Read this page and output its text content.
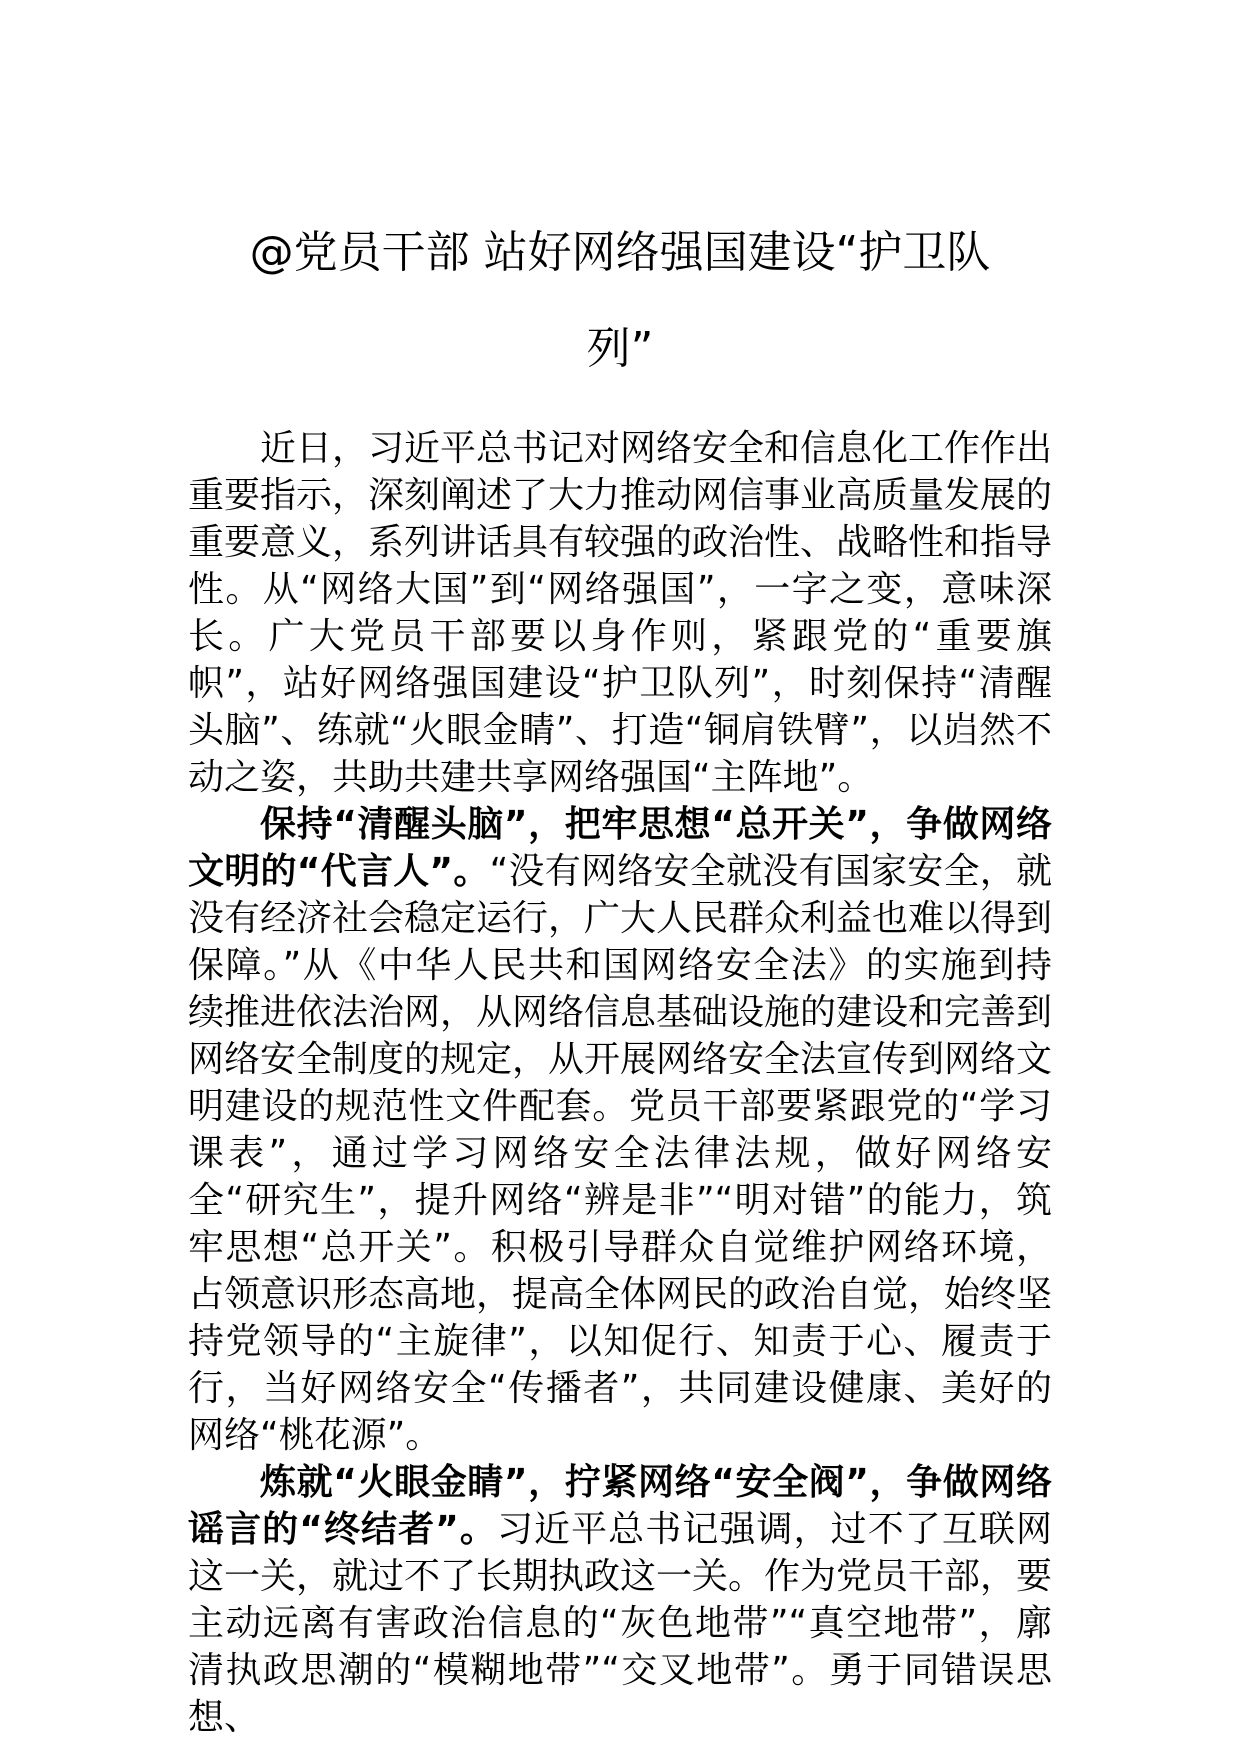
@党员干部 站好网络强国建设“护卫队
列”

近日，习近平总书记对网络安全和信息化工作作出重要指示，深刻阐述了大力推动网信事业高质量发展的重要意义，系列讲话具有较强的政治性、战略性和指导性。从“网络大国”到“网络强国”，一字之变，意味深长。广大党员干部要以身作则，紧跟党的“重要旗帜”，站好网络强国建设“护卫队列”，时刻保持“清醒头脑”、练就“火眼金睛”、打造“铜肩铁臂”，以岿然不动之姿，共助共建共享网络强国“主阵地”。

保持“清醒头脑”，把牢思想“总开关”，争做网络文明的“代言人”。“没有网络安全就没有国家安全，就没有经济社会稳定运行，广大人民群众利益也难以得到保障。”从《中华人民共和国网络安全法》的实施到持续推进依法治网，从网络信息基础设施的建设和完善到网络安全制度的规定，从开展网络安全法宣传到网络文明建设的规范性文件配套。党员干部要紧跟党的“学习课表”，通过学习网络安全法律法规，做好网络安全“研究生”，提升网络“辨是非”“明对错”的能力，筑牢思想“总开关”。积极引导群众自觉维护网络环境，占领意识形态高地，提高全体网民的政治自觉，始终坚持党领导的“主旋律”，以知促行、知责于心、履责于行，当好网络安全“传播者”，共同建设健康、美好的网络“桃花源”。

炼就“火眼金睛”，拧紧网络“安全阀”，争做网络谣言的“终结者”。习近平总书记强调，过不了互联网这一关，就过不了长期执政这一关。作为党员干部，要主动远离有害政治信息的“灰色地带”“真空地带”，廓清执政思潮的“模糊地带”“交叉地带”。勇于同错误思想、
